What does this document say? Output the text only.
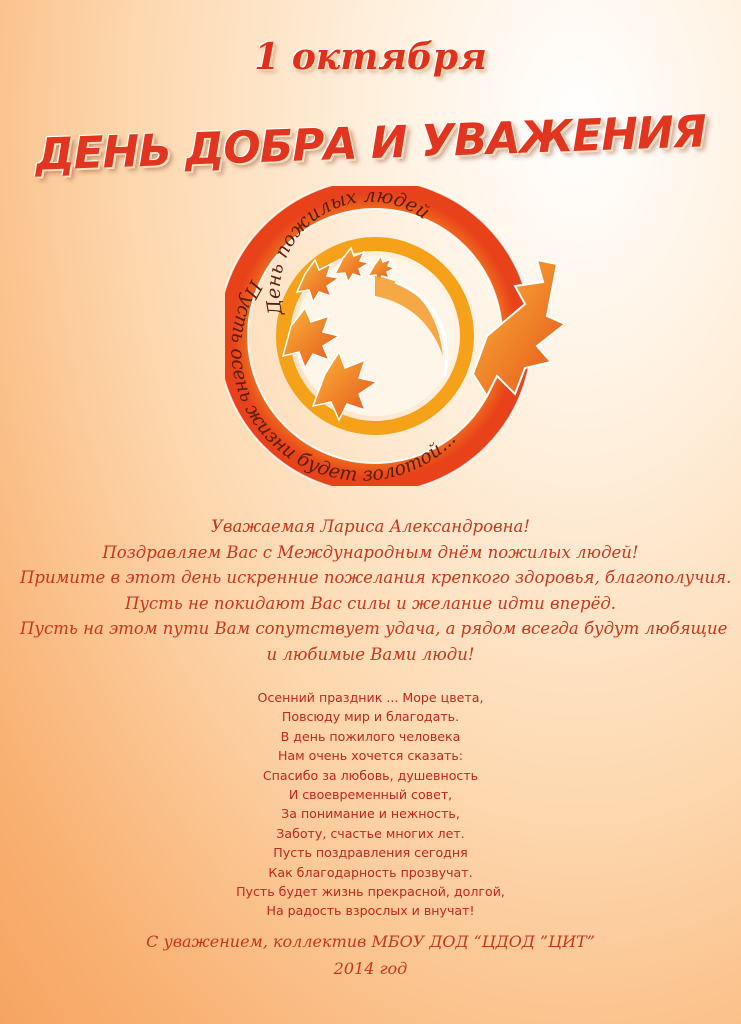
1 октября
ДЕНЬ ДОБРА И УВАЖЕНИЯ
День пожилых людей
Пусть осень жизни будет золотой...
Уважаемая Лариса Александровна!
Поздравляем Вас с Международным днём пожилых людей!
Примите в этот день искренние пожелания крепкого здоровья, благополучия.
Пусть не покидают Вас силы и желание идти вперёд.
Пусть на этом пути Вам сопутствует удача, а рядом всегда будут любящие
и любимые Вами люди!
Осенний праздник ... Море цвета,
Повсюду мир и благодать.
В день пожилого человека
Нам очень хочется сказать:
Спасибо за любовь, душевность
И своевременный совет,
За понимание и нежность,
Заботу, счастье многих лет.
Пусть поздравления сегодня
Как благодарность прозвучат.
Пусть будет жизнь прекрасной, долгой,
На радость взрослых и внучат!
С уважением, коллектив МБОУ ДОД “ЦДОД ”ЦИТ”
2014 год
